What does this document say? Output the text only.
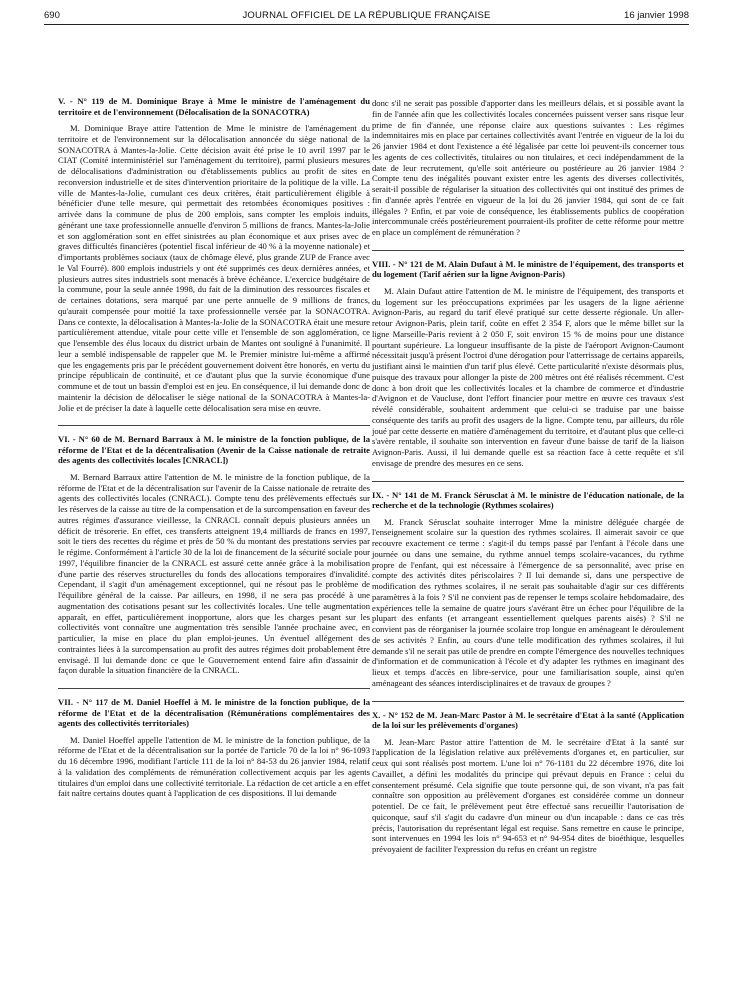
690	JOURNAL OFFICIEL DE LA RÉPUBLIQUE FRANÇAISE	16 janvier 1998
V. - N° 119 de M. Dominique Braye à Mme le ministre de l'aménagement du territoire et de l'environnement (Délocalisation de la SONACOTRA)

M. Dominique Braye attire l'attention de Mme le ministre de l'aménagement du territoire et de l'environnement sur la délocalisation annoncée du siège national de la SONACOTRA à Mantes-la-Jolie. Cette décision avait été prise le 10 avril 1997 par le CIAT (Comité interministériel sur l'aménagement du territoire), parmi plusieurs mesures de délocalisations d'administration ou d'établissements publics au profit de sites en reconversion industrielle et de sites d'intervention prioritaire de la politique de la ville. La ville de Mantes-la-Jolie, cumulant ces deux critères, était particulièrement éligible à bénéficier d'une telle mesure, qui permettait des retombées économiques positives : arrivée dans la commune de plus de 200 emplois, sans compter les emplois induits, générant une taxe professionnelle annuelle d'environ 5 millions de francs. Mantes-la-Jolie et son agglomération sont en effet sinistrées au plan économique et aux prises avec de graves difficultés financières (potentiel fiscal inférieur de 40 % à la moyenne nationale) et d'importants problèmes sociaux (taux de chômage élevé, plus grande ZUP de France avec le Val Fourré). 800 emplois industriels y ont été supprimés ces deux dernières années, et plusieurs autres sites industriels sont menacés à brève échéance. L'exercice budgétaire de la commune, pour la seule année 1998, du fait de la diminution des ressources fiscales et de certaines dotations, sera marqué par une perte annuelle de 9 millions de francs, qu'aurait compensée pour moitié la taxe professionnelle versée par la SONACOTRA. Dans ce contexte, la délocalisation à Mantes-la-Jolie de la SONACOTRA était une mesure particulièrement attendue, vitale pour cette ville et l'ensemble de son agglomération, ce que l'ensemble des élus locaux du district urbain de Mantes ont souligné à l'unanimité. Il leur a semblé indispensable de rappeler que M. le Premier ministre lui-même a affirmé que les engagements pris par le précédent gouvernement doivent être honorés, en vertu du principe républicain de continuité, et ce d'autant plus que la survie économique d'une commune et de tout un bassin d'emploi est en jeu. En conséquence, il lui demande donc de maintenir la décision de délocaliser le siège national de la SONACOTRA à Mantes-la-Jolie et de préciser la date à laquelle cette délocalisation sera mise en œuvre.

VI. - N° 60 de M. Bernard Barraux à M. le ministre de la fonction publique, de la réforme de l'Etat et de la décentralisation (Avenir de la Caisse nationale de retraite des agents des collectivités locales [CNRACL])

M. Bernard Barraux attire l'attention de M. le ministre de la fonction publique, de la réforme de l'Etat et de la décentralisation sur l'avenir de la Caisse nationale de retraite des agents des collectivités locales (CNRACL). Compte tenu des prélèvements effectués sur les réserves de la caisse au titre de la compensation et de la surcompensation en faveur des autres régimes d'assurance vieillesse, la CNRACL connaît depuis plusieurs années un déficit de trésorerie. En effet, ces transferts atteignent 19,4 milliards de francs en 1997, soit le tiers des recettes du régime et près de 50 % du montant des prestations servies par le régime. Conformément à l'article 30 de la loi de financement de la sécurité sociale pour 1997, l'équilibre financier de la CNRACL est assuré cette année grâce à la mobilisation d'une partie des réserves structurelles du fonds des allocations temporaires d'invalidité. Cependant, il s'agit d'un aménagement exceptionnel, qui ne résout pas le problème de l'équilibre général de la caisse. Par ailleurs, en 1998, il ne sera pas procédé à une augmentation des cotisations pesant sur les collectivités locales. Une telle augmentation apparaît, en effet, particulièrement inopportune, alors que les charges pesant sur les collectivités vont connaître une augmentation très sensible l'année prochaine avec, en particulier, la mise en place du plan emploi-jeunes. Un éventuel allégement des contraintes liées à la surcompensation au profit des autres régimes doit probablement être envisagé. Il lui demande donc ce que le Gouvernement entend faire afin d'assainir de façon durable la situation financière de la CNRACL.

VII. - N° 117 de M. Daniel Hoeffel à M. le ministre de la fonction publique, de la réforme de l'Etat et de la décentralisation (Rémunérations complémentaires des agents des collectivités territoriales)

M. Daniel Hoeffel appelle l'attention de M. le ministre de la fonction publique, de la réforme de l'Etat et de la décentralisation sur la portée de l'article 70 de la loi n° 96-1093 du 16 décembre 1996, modifiant l'article 111 de la loi n° 84-53 du 26 janvier 1984, relatif à la validation des compléments de rémunération collectivement acquis par les agents titulaires d'un emploi dans une collectivité territoriale. La rédaction de cet article a en effet fait naître certains doutes quant à l'application de ces dispositions. Il lui demande

donc s'il ne serait pas possible d'apporter dans les meilleurs délais, et si possible avant la fin de l'année afin que les collectivités locales concernées puissent verser sans risque leur prime de fin d'année, une réponse claire aux questions suivantes : Les régimes indemnitaires mis en place par certaines collectivités avant l'entrée en vigueur de la loi du 26 janvier 1984 et dont l'existence a été légalisée par cette loi peuvent-ils concerner tous les agents de ces collectivités, titulaires ou non titulaires, et ceci indépendamment de la date de leur recrutement, qu'elle soit antérieure ou postérieure au 26 janvier 1984 ? Compte tenu des inégalités pouvant exister entre les agents des diverses collectivités, serait-il possible de régulariser la situation des collectivités qui ont institué des primes de fin d'année après l'entrée en vigueur de la loi du 26 janvier 1984, qui sont de ce fait illégales ? Enfin, et par voie de conséquence, les établissements publics de coopération intercommunale créés postérieurement pourraient-ils profiter de cette réforme pour mettre en place un complément de rémunération ?

VIII. - N° 121 de M. Alain Dufaut à M. le ministre de l'équipement, des transports et du logement (Tarif aérien sur la ligne Avignon-Paris)

M. Alain Dufaut attire l'attention de M. le ministre de l'équipement, des transports et du logement sur les préoccupations exprimées par les usagers de la ligne aérienne Avignon-Paris, au regard du tarif élevé pratiqué sur cette desserte régionale. Un aller-retour Avignon-Paris, plein tarif, coûte en effet 2 354 F, alors que le même billet sur la ligne Marseille-Paris revient à 2 050 F, soit environ 15 % de moins pour une distance pourtant supérieure. La longueur insuffisante de la piste de l'aéroport Avignon-Caumont nécessitait jusqu'à présent l'octroi d'une dérogation pour l'atterrissage de certains appareils, justifiant ainsi le maintien d'un tarif plus élevé. Cette particularité n'existe désormais plus, puisque des travaux pour allonger la piste de 200 mètres ont été réalisés récemment. C'est donc à bon droit que les collectivités locales et la chambre de commerce et d'industrie d'Avignon et de Vaucluse, dont l'effort financier pour mettre en œuvre ces travaux s'est révélé considérable, souhaitent ardemment que celui-ci se traduise par une baisse conséquente des tarifs au profit des usagers de la ligne. Compte tenu, par ailleurs, du rôle joué par cette desserte en matière d'aménagement du territoire, et d'autant plus que celle-ci s'avère rentable, il souhaite son intervention en faveur d'une baisse de tarif de la liaison Avignon-Paris. Aussi, il lui demande quelle est sa réaction face à cette requête et s'il envisage de prendre des mesures en ce sens.

IX. - N° 141 de M. Franck Sérusclat à M. le ministre de l'éducation nationale, de la recherche et de la technologie (Rythmes scolaires)

M. Franck Sérusclat souhaite interroger Mme la ministre déléguée chargée de l'enseignement scolaire sur la question des rythmes scolaires. Il aimerait savoir ce que recouvre exactement ce terme : s'agit-il du temps passé par l'enfant à l'école dans une journée ou dans une semaine, du rythme annuel temps scolaire-vacances, du rythme propre de l'enfant, qui est nécessaire à l'émergence de sa personnalité, avec prise en compte des activités dites périscolaires ? Il lui demande si, dans une perspective de modification des rythmes scolaires, il ne serait pas souhaitable d'agir sur ces différents paramètres à la fois ? S'il ne convient pas de repenser le temps scolaire hebdomadaire, des expériences telle la semaine de quatre jours s'avérant être un échec pour l'équilibre de la plupart des enfants (et arrangeant essentiellement quelques parents aisés) ? S'il ne convient pas de réorganiser la journée scolaire trop longue en aménageant le déroulement de ses activités ? Enfin, au cours d'une telle modification des rythmes scolaires, il lui demande s'il ne serait pas utile de prendre en compte l'émergence des nouvelles techniques d'information et de communication à l'école et d'y adapter les rythmes en imaginant des lieux et temps d'accès en libre-service, pour une familiarisation souple, ainsi qu'en aménageant des séances interdisciplinaires et de travaux de groupes ?

X. - N° 152 de M. Jean-Marc Pastor à M. le secrétaire d'Etat à la santé (Application de la loi sur les prélèvements d'organes)

M. Jean-Marc Pastor attire l'attention de M. le secrétaire d'Etat à la santé sur l'application de la législation relative aux prélèvements d'organes et, en particulier, sur ceux qui sont réalisés post mortem. L'une loi n° 76-1181 du 22 décembre 1976, dite loi Cavaillet, a défini les modalités du principe qui prévaut depuis en France : celui du consentement présumé. Cela signifie que toute personne qui, de son vivant, n'a pas fait connaître son opposition au prélèvement d'organes est considérée comme un donneur potentiel. De ce fait, le prélèvement peut être effectué sans recueillir l'autorisation de quiconque, sauf s'il s'agit du cadavre d'un mineur ou d'un incapable : dans ce cas très précis, l'autorisation du représentant légal est requise. Sans remettre en cause le principe, sont intervenues en 1994 les lois n° 94-653 et n° 94-954 dites de bioéthique, lesquelles prévoyaient de faciliter l'expression du refus en créant un registre
